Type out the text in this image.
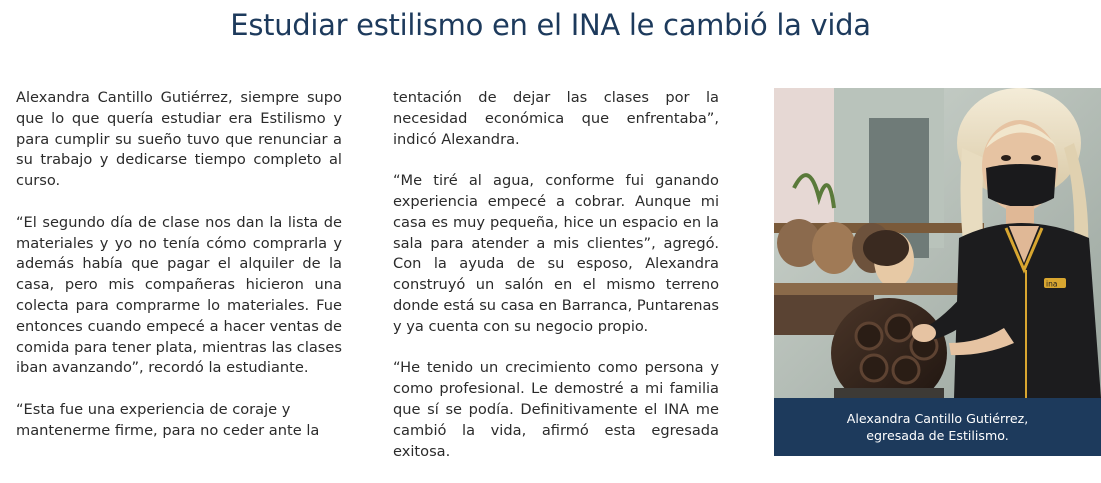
Estudiar estilismo en el INA le cambió la vida

Alexandra Cantillo Gutiérrez, siempre supo que lo que quería estudiar era Estilismo y para cumplir su sueño tuvo que renunciar a su trabajo y dedicarse tiempo completo al curso.

“El segundo día de clase nos dan la lista de materiales y yo no tenía cómo comprarla y además había que pagar el alquiler de la casa, pero mis compañeras hicieron una colecta para comprarme lo materiales. Fue entonces cuando empecé a hacer ventas de comida para tener plata, mientras las clases iban avanzando”, recordó la estudiante.

“Esta fue una experiencia de coraje y mantenerme firme, para no ceder ante la

tentación de dejar las clases por la necesidad económica que enfrentaba”, indicó Alexandra.

“Me tiré al agua, conforme fui ganando experiencia empecé a cobrar. Aunque mi casa es muy pequeña, hice un espacio en la sala para atender a mis clientes”, agregó. Con la ayuda de su esposo, Alexandra construyó un salón en el mismo terreno donde está su casa en Barranca, Puntarenas y ya cuenta con su negocio propio.

“He tenido un crecimiento como persona y como profesional. Le demostré a mi familia que sí se podía. Definitivamente el INA me cambió la vida, afirmó esta egresada exitosa.

ina
Alexandra Cantillo Gutiérrez,
egresada de Estilismo.
